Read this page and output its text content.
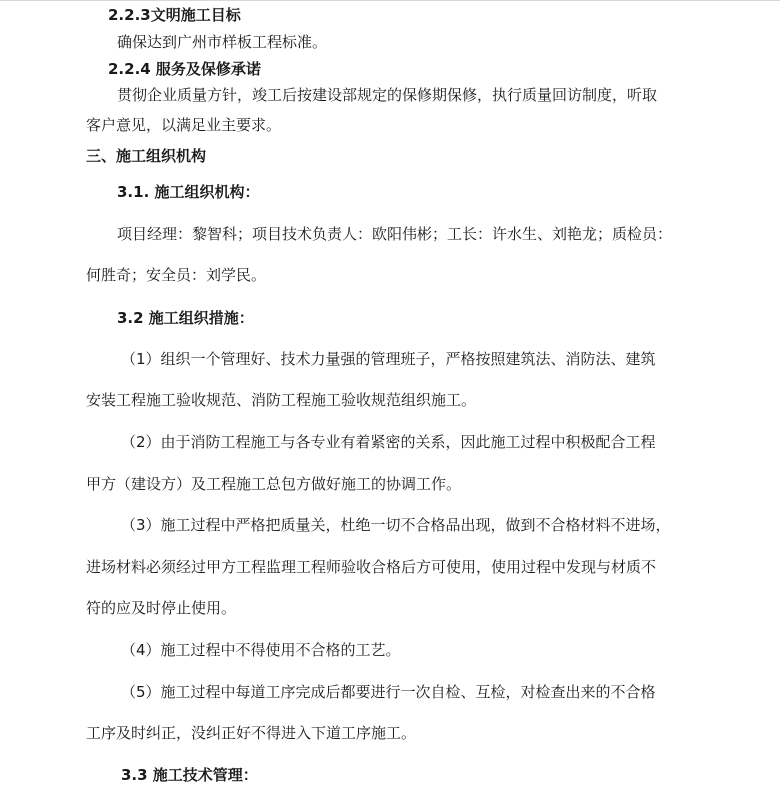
2.2.3文明施工目标
确保达到广州市样板工程标准。
2.2.4 服务及保修承诺
贯彻企业质量方针，竣工后按建设部规定的保修期保修，执行质量回访制度，听取
客户意见，以满足业主要求。
三、施工组织机构
3.1. 施工组织机构：
项目经理：黎智科；项目技术负责人：欧阳伟彬；工长：许水生、刘艳龙；质检员：
何胜奇；安全员：刘学民。
3.2 施工组织措施：
（1）组织一个管理好、技术力量强的管理班子，严格按照建筑法、消防法、建筑
安装工程施工验收规范、消防工程施工验收规范组织施工。
（2）由于消防工程施工与各专业有着紧密的关系，因此施工过程中积极配合工程
甲方（建设方）及工程施工总包方做好施工的协调工作。
（3）施工过程中严格把质量关，杜绝一切不合格品出现，做到不合格材料不进场，
进场材料必须经过甲方工程监理工程师验收合格后方可使用，使用过程中发现与材质不
符的应及时停止使用。
（4）施工过程中不得使用不合格的工艺。
（5）施工过程中每道工序完成后都要进行一次自检、互检，对检查出来的不合格
工序及时纠正，没纠正好不得进入下道工序施工。
3.3 施工技术管理：
